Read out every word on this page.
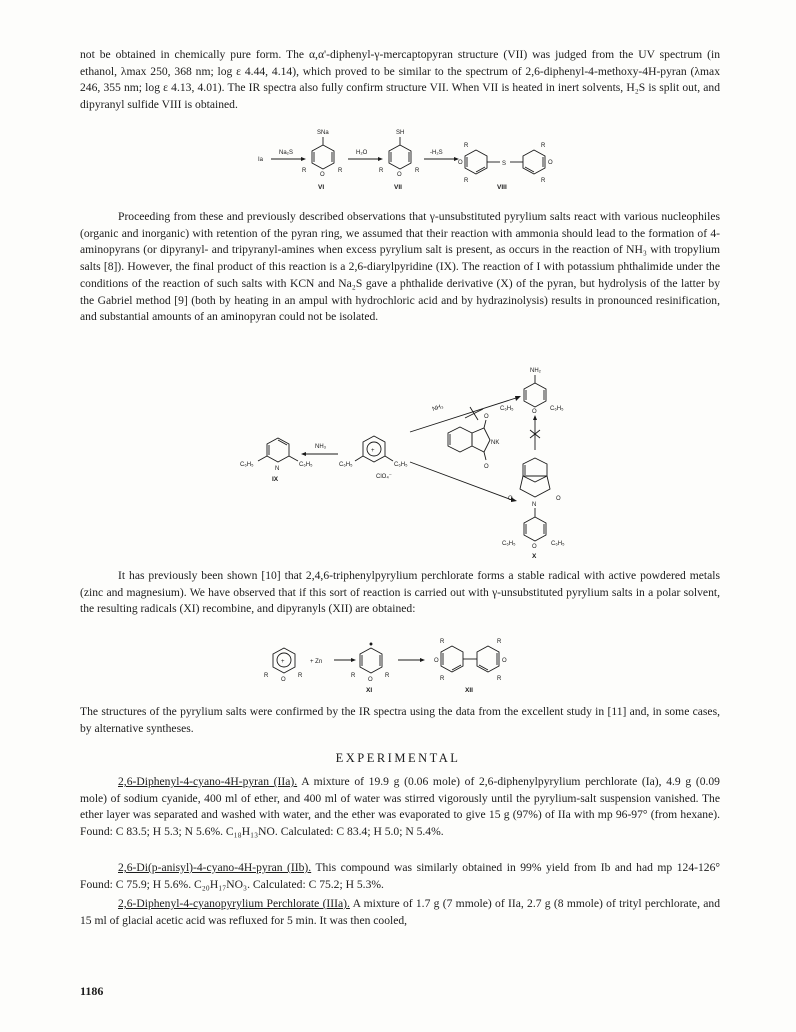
not be obtained in chemically pure form. The α,α'-diphenyl-γ-mercaptopyran structure (VII) was judged from the UV spectrum (in ethanol, λmax 250, 368 nm; log ε 4.44, 4.14), which proved to be similar to the spectrum of 2,6-diphenyl-4-methoxy-4H-pyran (λmax 246, 355 nm; log ε 4.13, 4.01). The IR spectra also fully confirm structure VII. When VII is heated in inert solvents, H₂S is split out, and dipyranyl sulfide VIII is obtained.

Ia
Na₂S
SNa
O
R	R
VI
H₂O
SH
O
R	R
VII
-H₂S
O
R
R
S	O
R
R
VIII

Proceeding from these and previously described observations that γ-unsubstituted pyrylium salts react with various nucleophiles (organic and inorganic) with retention of the pyran ring, we assumed that their reaction with ammonia should lead to the formation of 4-aminopyrans (or dipyranyl- and tripyranyl-amines when excess pyrylium salt is present, as occurs in the reaction of NH₃ with tropylium salts [8]). However, the final product of this reaction is a 2,6-diarylpyridine (IX). The reaction of I with potassium phthalimide under the conditions of the reaction of such salts with KCN and Na₂S gave a phthalide derivative (X) of the pyran, but hydrolysis of the latter by the Gabriel method [9] (both by heating in an ampul with hydrochloric acid and by hydrazinolysis) results in pronounced resinification, and substantial amounts of an aminopyran could not be isolated.

C₆H₅
N
C₆H₅
IX
NH₃
+
C₆H₅	C₆H₅
ClO₄⁻
NH₃
NH₂
O
C₆H₅	C₆H₅
O
O
NK
O	O
N
O
C₆H₅	C₆H₅
X

It has previously been shown [10] that 2,4,6-triphenylpyrylium perchlorate forms a stable radical with active powdered metals (zinc and magnesium). We have observed that if this sort of reaction is carried out with γ-unsubstituted pyrylium salts in a polar solvent, the resulting radicals (XI) recombine, and dipyranyls (XII) are obtained:

+
O
R	R
+ Zn
O
R	R
XI
O
R
R
O
R
R
XII

The structures of the pyrylium salts were confirmed by the IR spectra using the data from the excellent study in [11] and, in some cases, by alternative syntheses.

EXPERIMENTAL

2,6-Diphenyl-4-cyano-4H-pyran (IIa). A mixture of 19.9 g (0.06 mole) of 2,6-diphenylpyrylium perchlorate (Ia), 4.9 g (0.09 mole) of sodium cyanide, 400 ml of ether, and 400 ml of water was stirred vigorously until the pyrylium-salt suspension vanished. The ether layer was separated and washed with water, and the ether was evaporated to give 15 g (97%) of IIa with mp 96-97° (from hexane). Found: C 83.5; H 5.3; N 5.6%. C₁₈H₁₃NO. Calculated: C 83.4; H 5.0; N 5.4%.

2,6-Di(p-anisyl)-4-cyano-4H-pyran (IIb). This compound was similarly obtained in 99% yield from Ib and had mp 124-126° Found: C 75.9; H 5.6%. C₂₀H₁₇NO₃. Calculated: C 75.2; H 5.3%.

2,6-Diphenyl-4-cyanopyrylium Perchlorate (IIIa). A mixture of 1.7 g (7 mmole) of IIa, 2.7 g (8 mmole) of trityl perchlorate, and 15 ml of glacial acetic acid was refluxed for 5 min. It was then cooled,

1186
